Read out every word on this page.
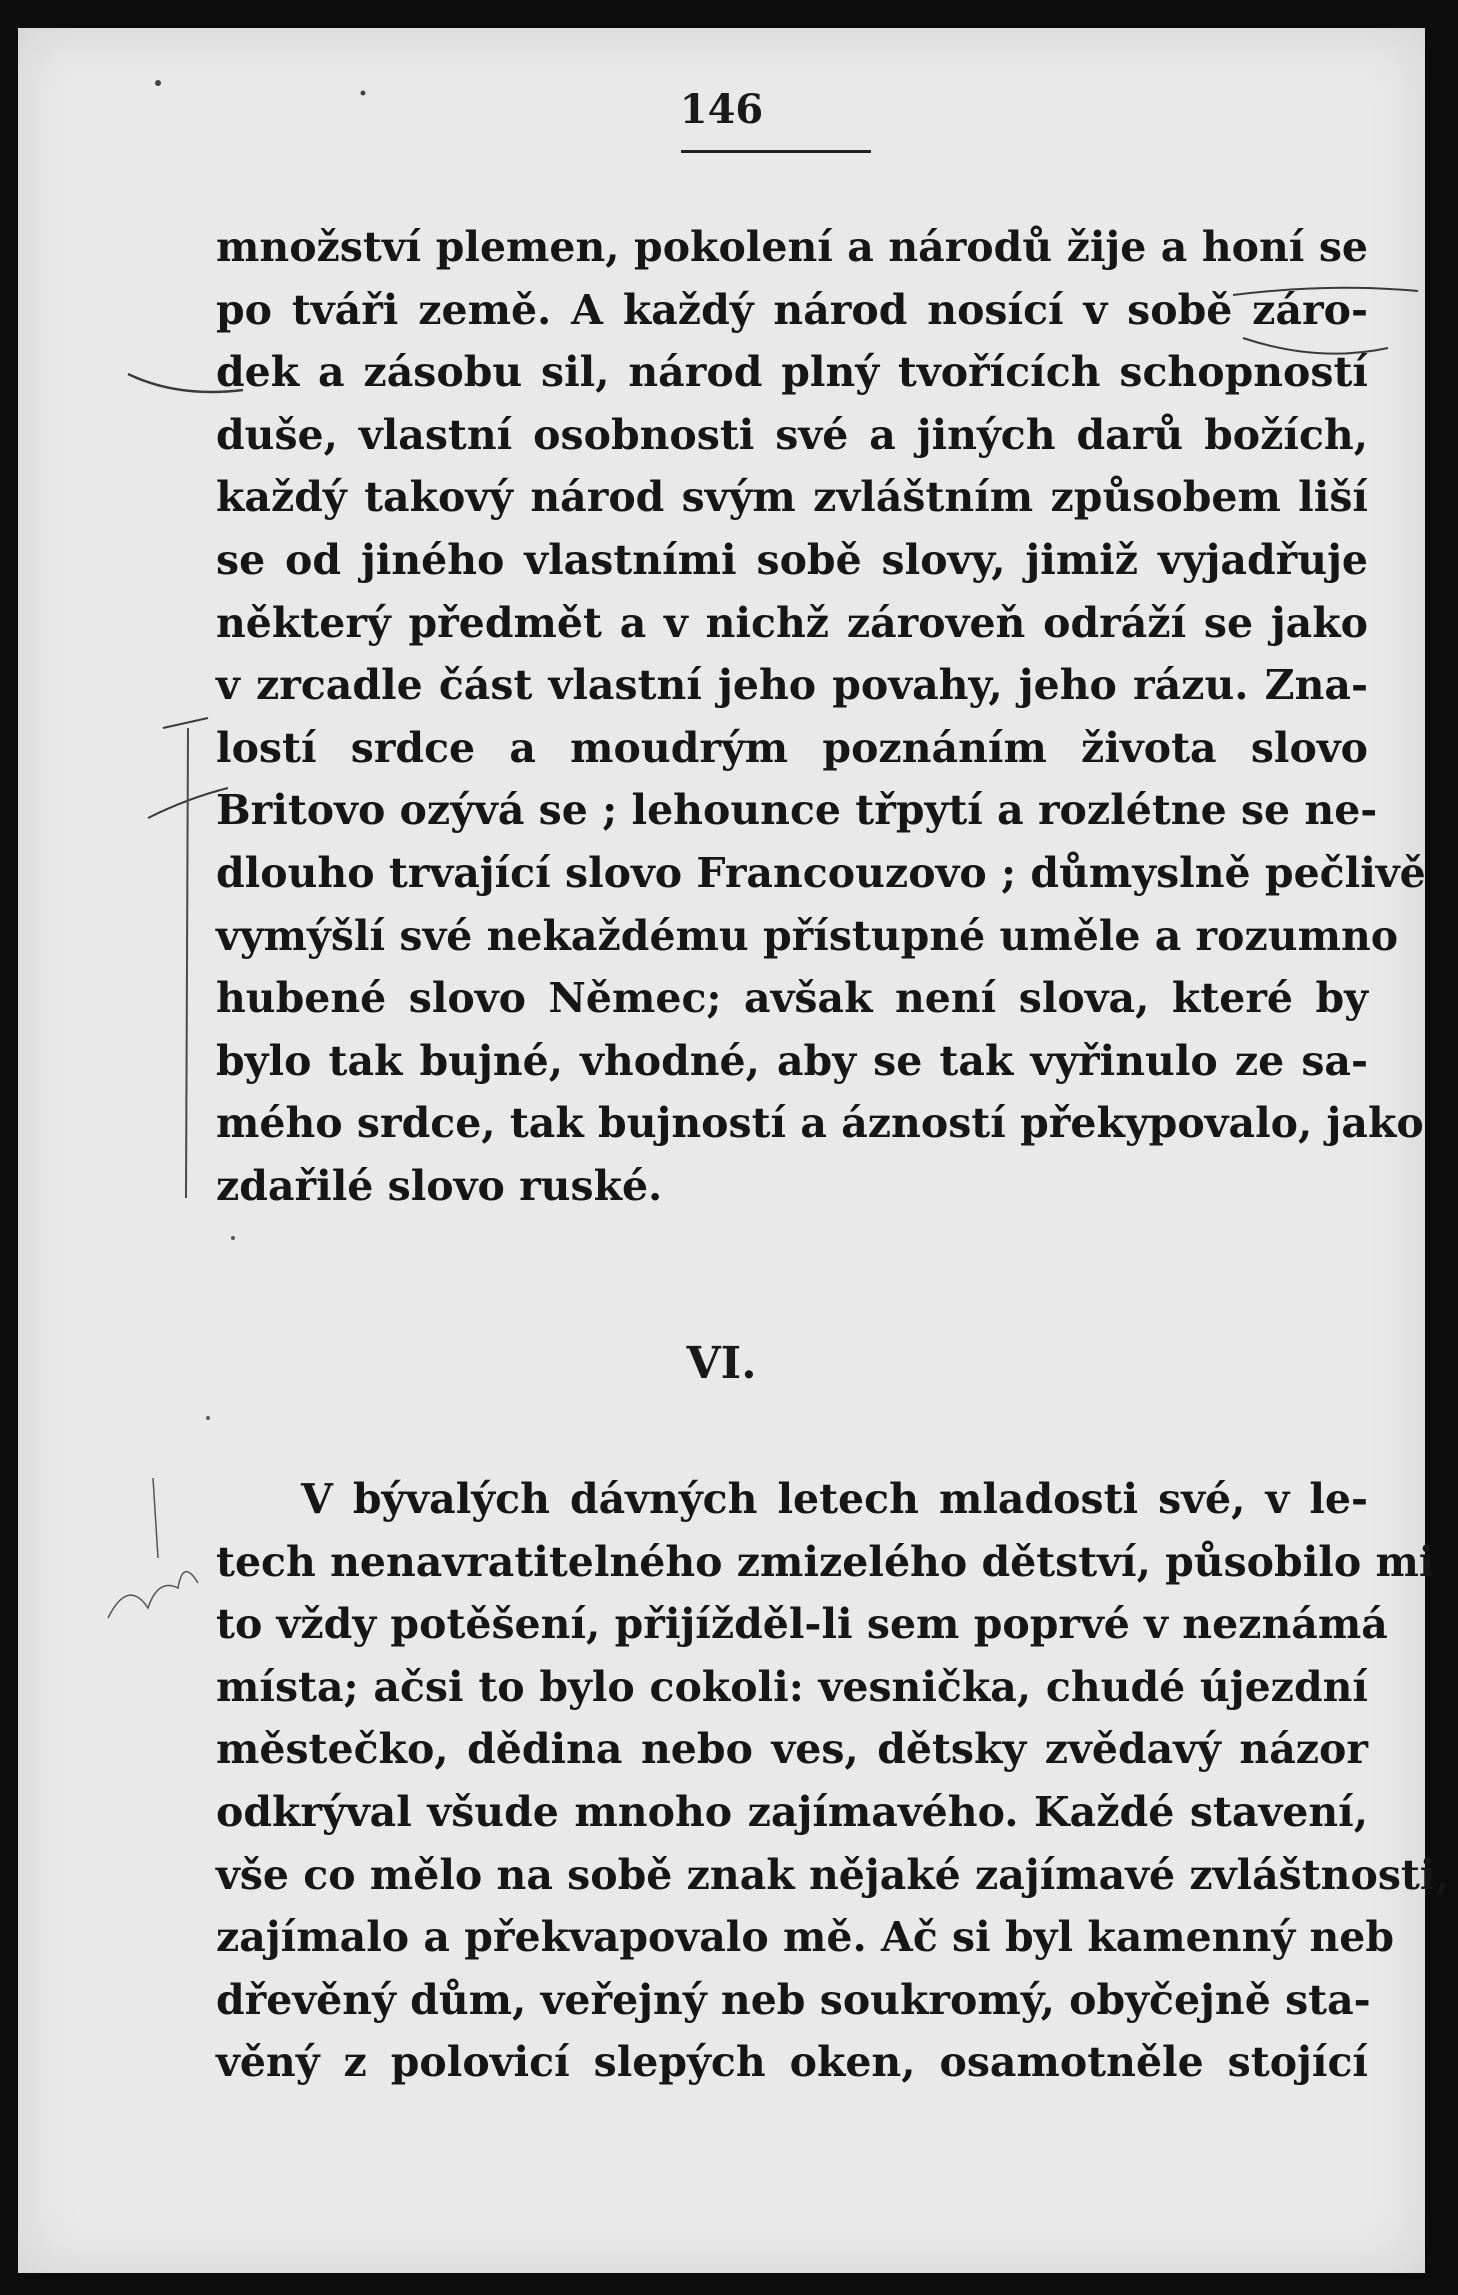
146
množství plemen, pokolení a národů žije a honí se
po tváři země. A každý národ nosící v sobě záro-
dek a zásobu sil, národ plný tvořících schopností
duše, vlastní osobnosti své a jiných darů božích,
každý takový národ svým zvláštním způsobem liší
se od jiného vlastními sobě slovy, jimiž vyjadřuje
některý předmět a v nichž zároveň odráží se jako
v zrcadle část vlastní jeho povahy, jeho rázu. Zna-
lostí srdce a moudrým poznáním života slovo
Britovo ozývá se ; lehounce třpytí a rozlétne se ne-
dlouho trvající slovo Francouzovo ; důmyslně pečlivě
vymýšlí své nekaždému přístupné uměle a rozumno
hubené slovo Němec; avšak není slova, které by
bylo tak bujné, vhodné, aby se tak vyřinulo ze sa-
mého srdce, tak bujností a ázností překypovalo, jako
zdařilé slovo ruské.
VI.
V bývalých dávných letech mladosti své, v le-
tech nenavratitelného zmizelého dětství, působilo mi
to vždy potěšení, přijížděl-li sem poprvé v neznámá
místa; ačsi to bylo cokoli: vesnička, chudé újezdní
městečko, dědina nebo ves, dětsky zvědavý názor
odkrýval všude mnoho zajímavého. Každé stavení,
vše co mělo na sobě znak nějaké zajímavé zvláštnosti,
zajímalo a překvapovalo mě. Ač si byl kamenný neb
dřevěný dům, veřejný neb soukromý, obyčejně sta-
věný z polovicí slepých oken, osamotněle stojící
